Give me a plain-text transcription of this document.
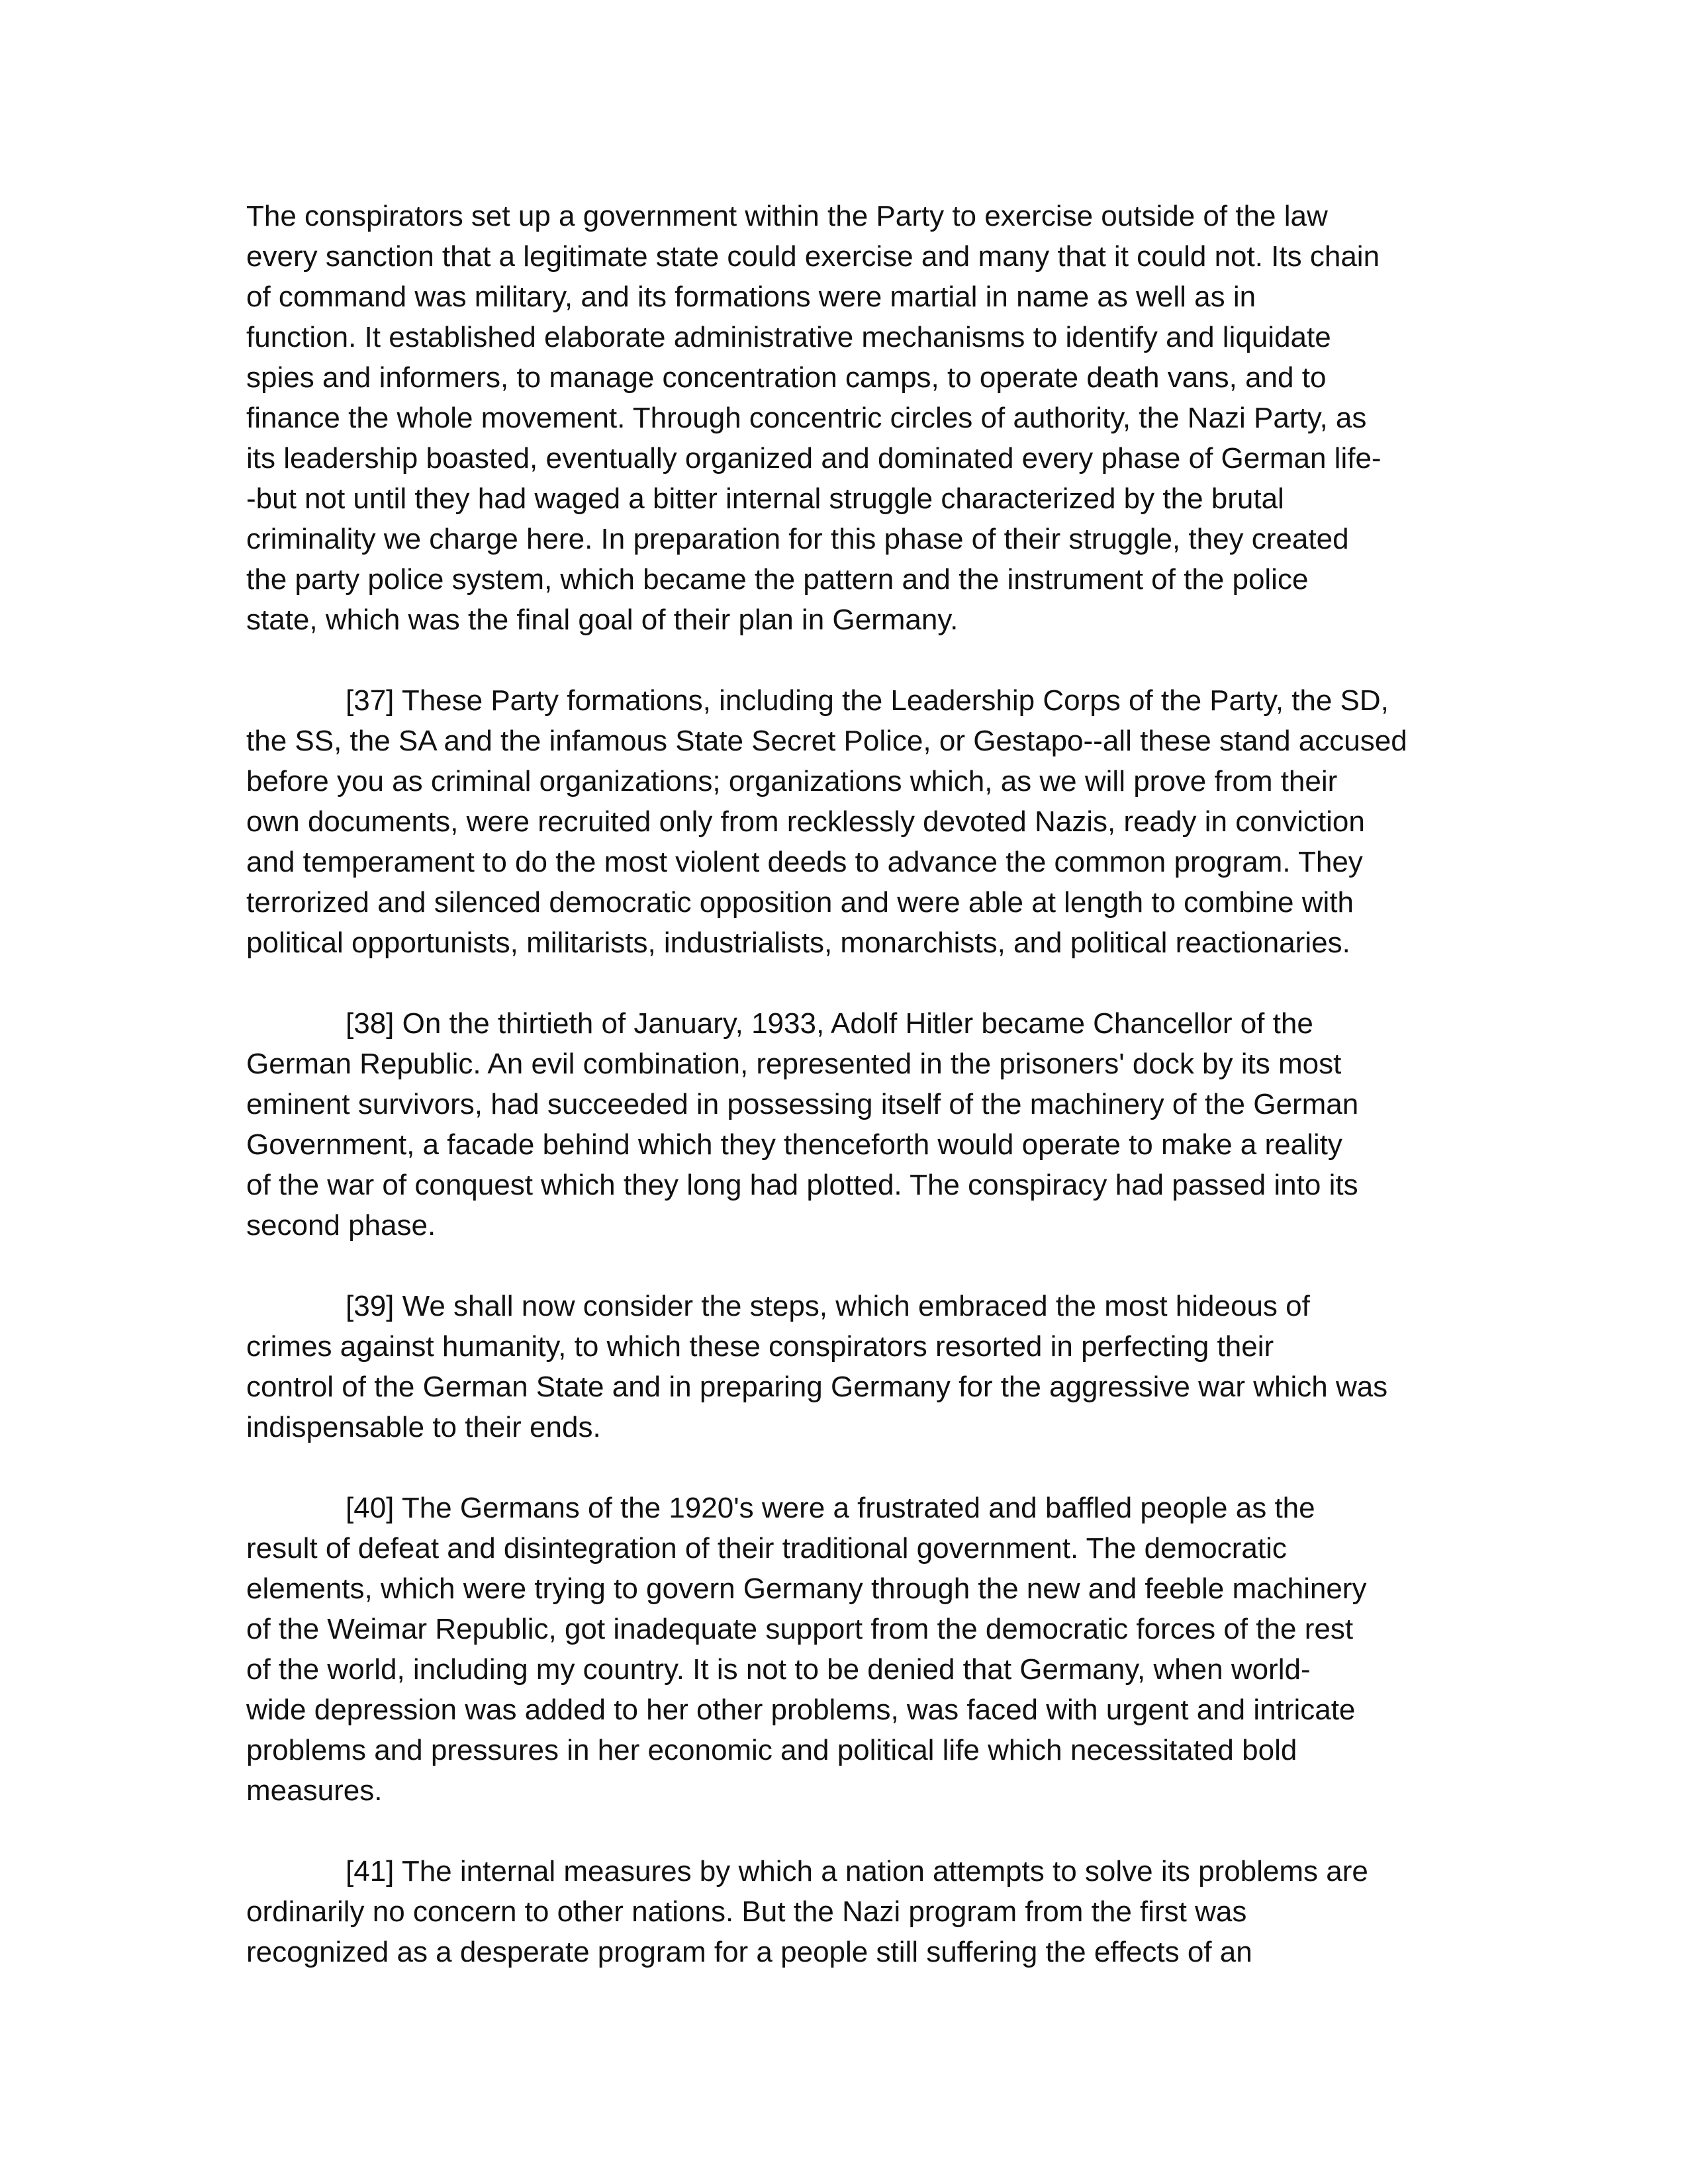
The conspirators set up a government within the Party to exercise outside of the law
every sanction that a legitimate state could exercise and many that it could not. Its chain
of command was military, and its formations were martial in name as well as in
function. It established elaborate administrative mechanisms to identify and liquidate
spies and informers, to manage concentration camps, to operate death vans, and to
finance the whole movement. Through concentric circles of authority, the Nazi Party, as
its leadership boasted, eventually organized and dominated every phase of German life-
-but not until they had waged a bitter internal struggle characterized by the brutal
criminality we charge here. In preparation for this phase of their struggle, they created
the party police system, which became the pattern and the instrument of the police
state, which was the final goal of their plan in Germany.
[37] These Party formations, including the Leadership Corps of the Party, the SD,
the SS, the SA and the infamous State Secret Police, or Gestapo--all these stand accused
before you as criminal organizations; organizations which, as we will prove from their
own documents, were recruited only from recklessly devoted Nazis, ready in conviction
and temperament to do the most violent deeds to advance the common program. They
terrorized and silenced democratic opposition and were able at length to combine with
political opportunists, militarists, industrialists, monarchists, and political reactionaries.
[38] On the thirtieth of January, 1933, Adolf Hitler became Chancellor of the
German Republic. An evil combination, represented in the prisoners' dock by its most
eminent survivors, had succeeded in possessing itself of the machinery of the German
Government, a facade behind which they thenceforth would operate to make a reality
of the war of conquest which they long had plotted. The conspiracy had passed into its
second phase.
[39] We shall now consider the steps, which embraced the most hideous of
crimes against humanity, to which these conspirators resorted in perfecting their
control of the German State and in preparing Germany for the aggressive war which was
indispensable to their ends.
[40] The Germans of the 1920's were a frustrated and baffled people as the
result of defeat and disintegration of their traditional government. The democratic
elements, which were trying to govern Germany through the new and feeble machinery
of the Weimar Republic, got inadequate support from the democratic forces of the rest
of the world, including my country. It is not to be denied that Germany, when world-
wide depression was added to her other problems, was faced with urgent and intricate
problems and pressures in her economic and political life which necessitated bold
measures.
[41] The internal measures by which a nation attempts to solve its problems are
ordinarily no concern to other nations. But the Nazi program from the first was
recognized as a desperate program for a people still suffering the effects of an
